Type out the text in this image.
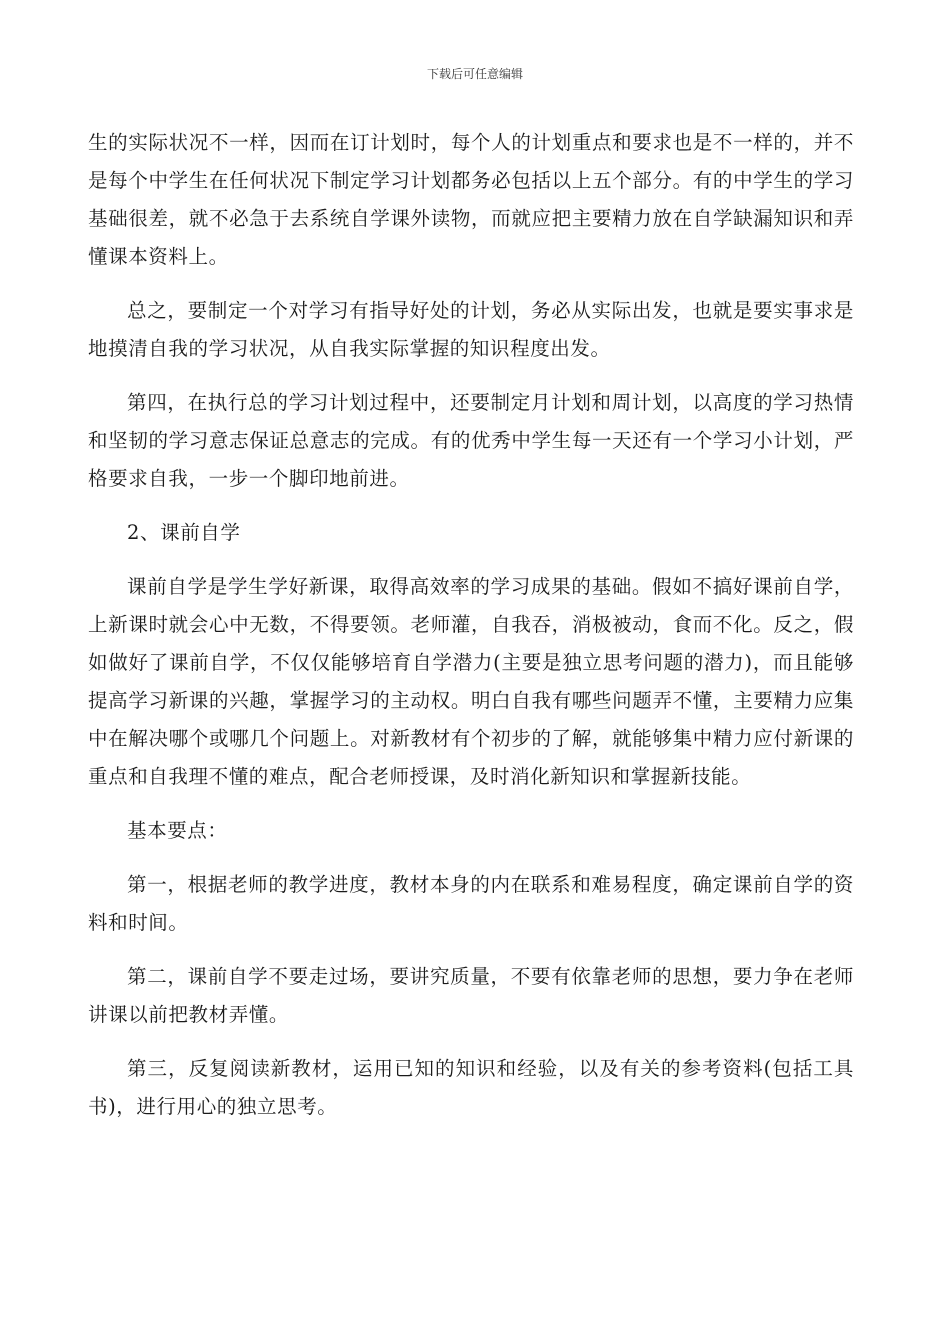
下载后可任意编辑

生的实际状况不一样，因而在订计划时，每个人的计划重点和要求也是不一样的，并不是每个中学生在任何状况下制定学习计划都务必包括以上五个部分。有的中学生的学习基础很差，就不必急于去系统自学课外读物，而就应把主要精力放在自学缺漏知识和弄懂课本资料上。

总之，要制定一个对学习有指导好处的计划，务必从实际出发，也就是要实事求是地摸清自我的学习状况，从自我实际掌握的知识程度出发。

第四，在执行总的学习计划过程中，还要制定月计划和周计划，以高度的学习热情和坚韧的学习意志保证总意志的完成。有的优秀中学生每一天还有一个学习小计划，严格要求自我，一步一个脚印地前进。

2、课前自学

课前自学是学生学好新课，取得高效率的学习成果的基础。假如不搞好课前自学，上新课时就会心中无数，不得要领。老师灌，自我吞，消极被动，食而不化。反之，假如做好了课前自学，不仅仅能够培育自学潜力(主要是独立思考问题的潜力)，而且能够提高学习新课的兴趣，掌握学习的主动权。明白自我有哪些问题弄不懂，主要精力应集中在解决哪个或哪几个问题上。对新教材有个初步的了解，就能够集中精力应付新课的重点和自我理不懂的难点，配合老师授课，及时消化新知识和掌握新技能。

基本要点：

第一，根据老师的教学进度，教材本身的内在联系和难易程度，确定课前自学的资料和时间。

第二，课前自学不要走过场，要讲究质量，不要有依靠老师的思想，要力争在老师讲课以前把教材弄懂。

第三，反复阅读新教材，运用已知的知识和经验，以及有关的参考资料(包括工具书)，进行用心的独立思考。
